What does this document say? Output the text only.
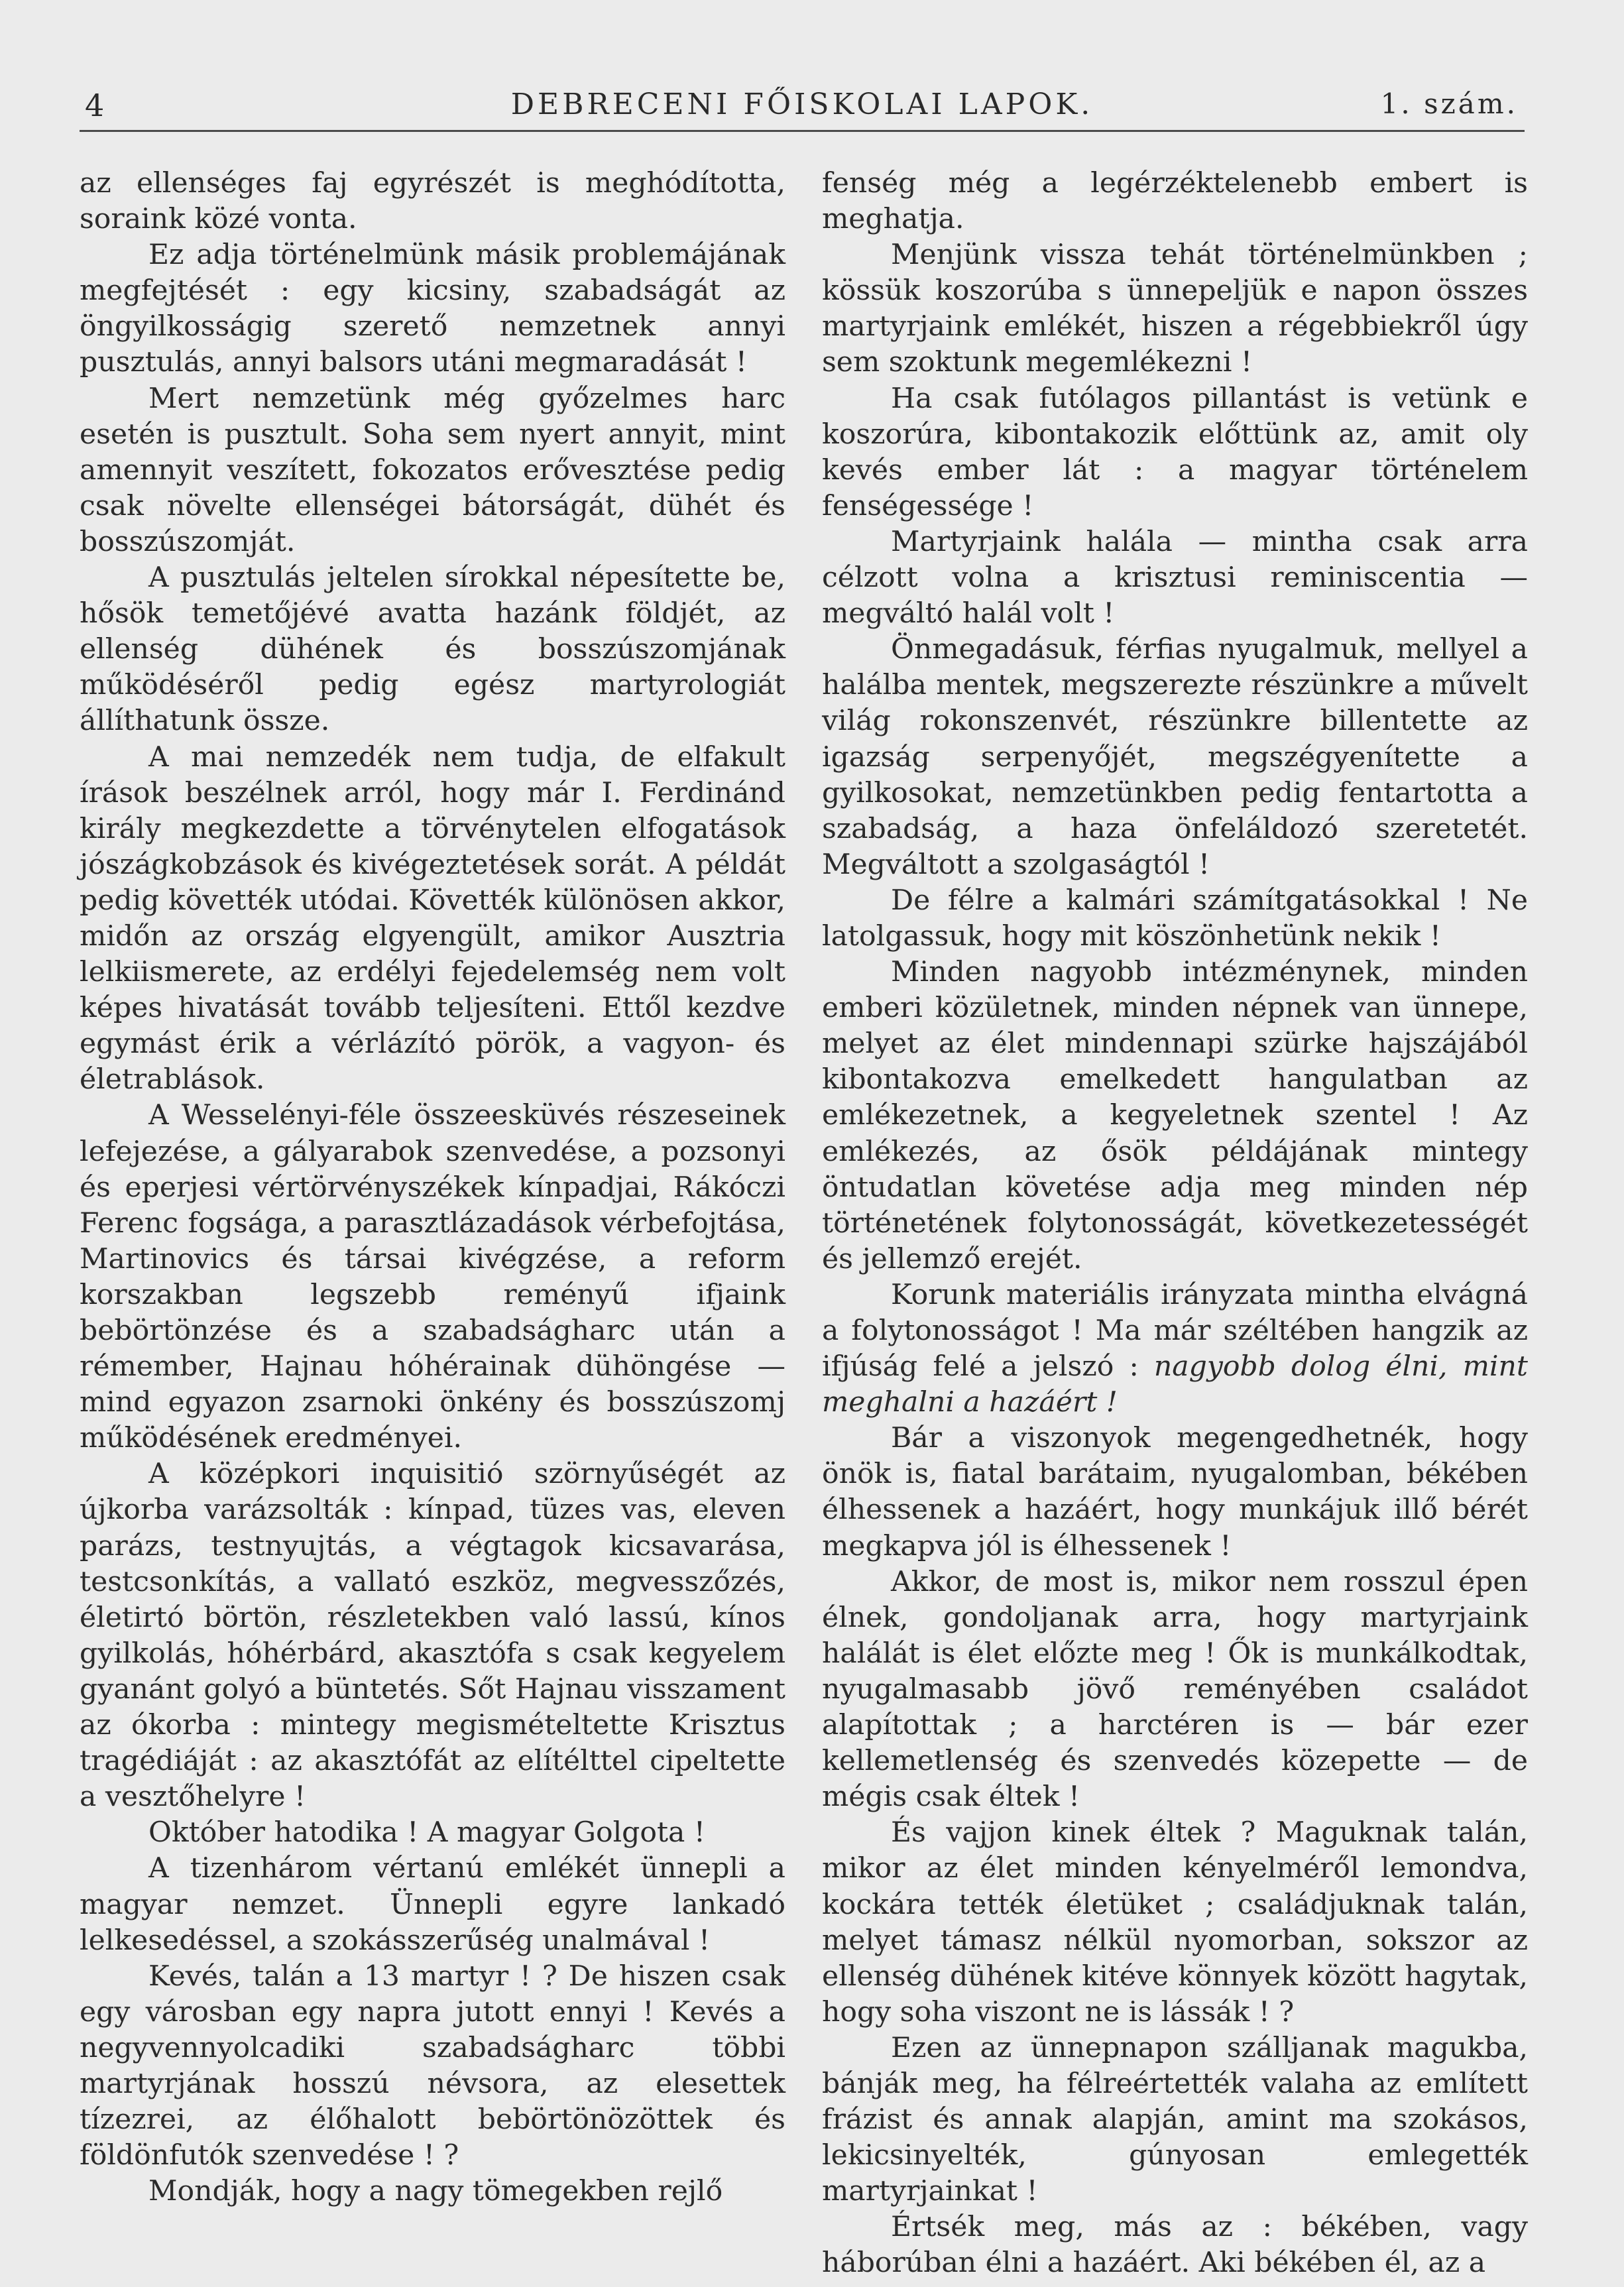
4	DEBRECENI FŐISKOLAI LAPOK.	1. szám.

az ellenséges faj egyrészét is meghódította, soraink közé vonta.

Ez adja történelmünk másik problemájának megfejtését : egy kicsiny, szabadságát az öngyilkosságig szerető nemzetnek annyi pusztulás, annyi balsors utáni megmaradását !

Mert nemzetünk még győzelmes harc esetén is pusztult. Soha sem nyert annyit, mint amennyit veszített, fokozatos erővesztése pedig csak növelte ellenségei bátorságát, dühét és bosszúszomját.

A pusztulás jeltelen sírokkal népesítette be, hősök temetőjévé avatta hazánk földjét, az ellenség dühének és bosszúszomjának működéséről pedig egész martyrologiát állíthatunk össze.

A mai nemzedék nem tudja, de elfakult írások beszélnek arról, hogy már I. Ferdinánd király megkezdette a törvénytelen elfogatások jószágkobzások és kivégeztetések sorát. A példát pedig követték utódai. Követték különösen akkor, midőn az ország elgyengült, amikor Ausztria lelkiismerete, az erdélyi fejedelemség nem volt képes hivatását tovább teljesíteni. Ettől kezdve egymást érik a vérlázító pörök, a vagyon- és életrablások.

A Wesselényi-féle összeesküvés részeseinek lefejezése, a gályarabok szenvedése, a pozsonyi és eperjesi vértörvényszékek kínpadjai, Rákóczi Ferenc fogsága, a parasztlázadások vérbefojtása, Martinovics és társai kivégzése, a reform korszakban legszebb reményű ifjaink bebörtönzése és a szabadságharc után a rémember, Hajnau hóhérainak dühöngése — mind egyazon zsarnoki önkény és bosszúszomj működésének eredményei.

A középkori inquisitió szörnyűségét az újkorba varázsolták : kínpad, tüzes vas, eleven parázs, testnyujtás, a végtagok kicsavarása, testcsonkítás, a vallató eszköz, megvesszőzés, életirtó börtön, részletekben való lassú, kínos gyilkolás, hóhérbárd, akasztófa s csak kegyelem gyanánt golyó a büntetés. Sőt Hajnau visszament az ókorba : mintegy megismételtette Krisztus tragédiáját : az akasztófát az elítélttel cipeltette a vesztőhelyre !

Október hatodika ! A magyar Golgota !

A tizenhárom vértanú emlékét ünnepli a magyar nemzet. Ünnepli egyre lankadó lelkesedéssel, a szokásszerűség unalmával !

Kevés, talán a 13 martyr ! ? De hiszen csak egy városban egy napra jutott ennyi ! Kevés a negyvennyolcadiki szabadságharc többi martyrjának hosszú névsora, az elesettek tízezrei, az élőhalott bebörtönözöttek és földönfutók szenvedése ! ?

Mondják, hogy a nagy tömegekben rejlő

fenség még a legérzéktelenebb embert is meghatja.

Menjünk vissza tehát történelmünkben ; kössük koszorúba s ünnepeljük e napon összes martyrjaink emlékét, hiszen a régebbiekről úgy sem szoktunk megemlékezni !

Ha csak futólagos pillantást is vetünk e koszorúra, kibontakozik előttünk az, amit oly kevés ember lát : a magyar történelem fenségessége !

Martyrjaink halála — mintha csak arra célzott volna a krisztusi reminiscentia — megváltó halál volt !

Önmegadásuk, férfias nyugalmuk, mellyel a halálba mentek, megszerezte részünkre a művelt világ rokonszenvét, részünkre billentette az igazság serpenyőjét, megszégyenítette a gyilkosokat, nemzetünkben pedig fentartotta a szabadság, a haza önfeláldozó szeretetét. Megváltott a szolgaságtól !

De félre a kalmári számítgatásokkal ! Ne latolgassuk, hogy mit köszönhetünk nekik !

Minden nagyobb intézménynek, minden emberi közületnek, minden népnek van ünnepe, melyet az élet mindennapi szürke hajszájából kibontakozva emelkedett hangulatban az emlékezetnek, a kegyeletnek szentel ! Az emlékezés, az ősök példájának mintegy öntudatlan követése adja meg minden nép történetének folytonosságát, következetességét és jellemző erejét.

Korunk materiális irányzata mintha elvágná a folytonosságot ! Ma már széltében hangzik az ifjúság felé a jelszó : nagyobb dolog élni, mint meghalni a hazáért !

Bár a viszonyok megengedhetnék, hogy önök is, fiatal barátaim, nyugalomban, békében élhessenek a hazáért, hogy munkájuk illő bérét megkapva jól is élhessenek !

Akkor, de most is, mikor nem rosszul épen élnek, gondoljanak arra, hogy martyrjaink halálát is élet előzte meg ! Ők is munkálkodtak, nyugalmasabb jövő reményében családot alapítottak ; a harctéren is — bár ezer kellemetlenség és szenvedés közepette — de mégis csak éltek !

És vajjon kinek éltek ? Maguknak talán, mikor az élet minden kényelméről lemondva, kockára tették életüket ; családjuknak talán, melyet támasz nélkül nyomorban, sokszor az ellenség dühének kitéve könnyek között hagytak, hogy soha viszont ne is lássák ! ?

Ezen az ünnepnapon szálljanak magukba, bánják meg, ha félreértették valaha az említett frázist és annak alapján, amint ma szokásos, lekicsinyelték, gúnyosan emlegették martyrjainkat !

Értsék meg, más az : békében, vagy háborúban élni a hazáért. Aki békében él, az a
